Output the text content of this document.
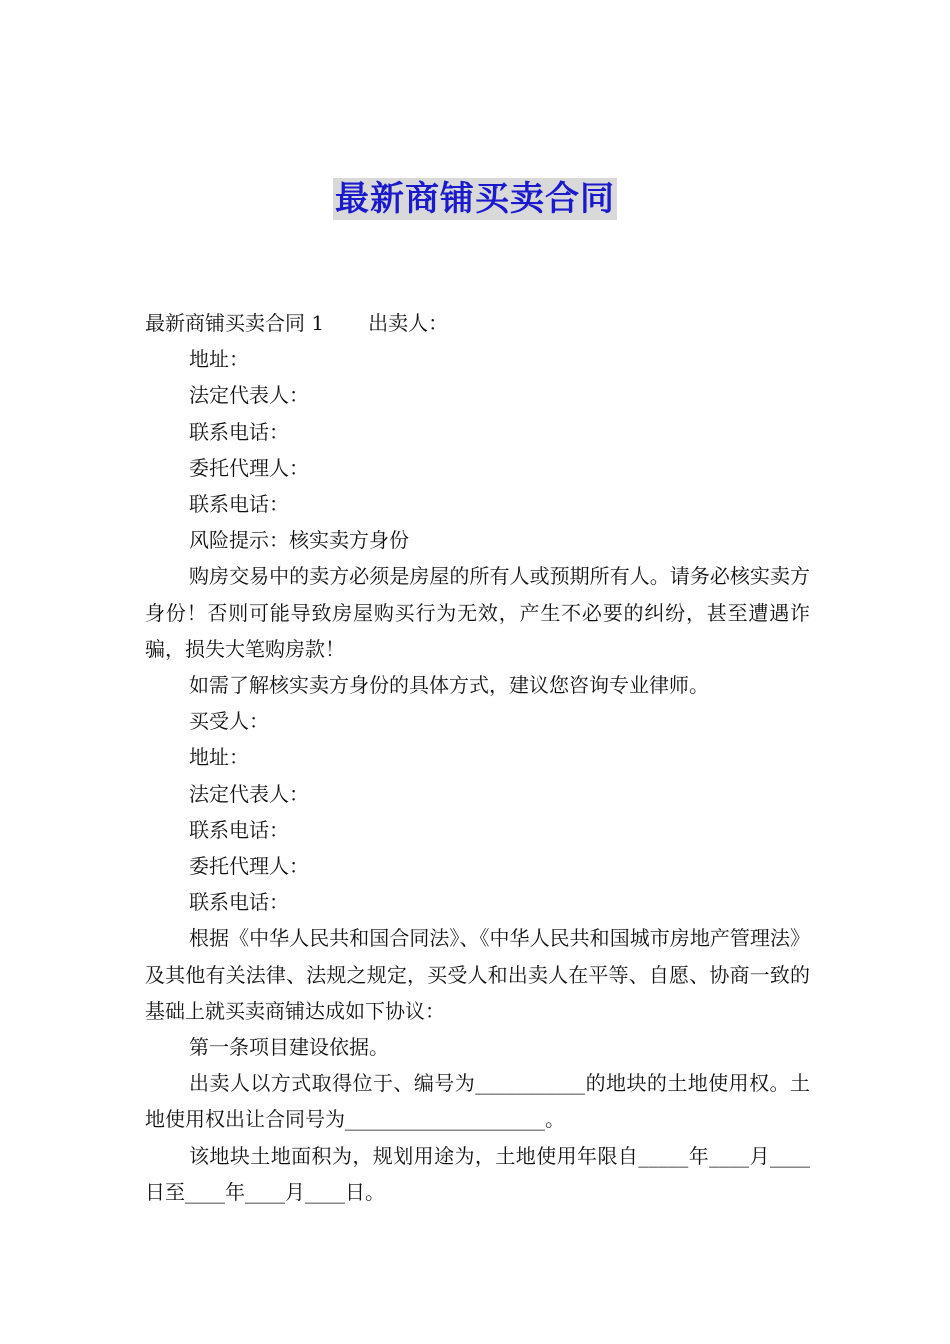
最新商铺买卖合同

最新商铺买卖合同 1 出卖人：

地址：

法定代表人：

联系电话：

委托代理人：

联系电话：

风险提示：核实卖方身份

购房交易中的卖方必须是房屋的所有人或预期所有人。请务必核实卖方身份！否则可能导致房屋购买行为无效，产生不必要的纠纷，甚至遭遇诈骗，损失大笔购房款！

如需了解核实卖方身份的具体方式，建议您咨询专业律师。

买受人：

地址：

法定代表人：

联系电话：

委托代理人：

联系电话：

根据《中华人民共和国合同法》、《中华人民共和国城市房地产管理法》及其他有关法律、法规之规定，买受人和出卖人在平等、自愿、协商一致的基础上就买卖商铺达成如下协议：

第一条项目建设依据。

出卖人以方式取得位于、编号为___________的地块的土地使用权。土地使用权出让合同号为____________________。

该地块土地面积为，规划用途为，土地使用年限自_____年____月____日至____年____月____日。
